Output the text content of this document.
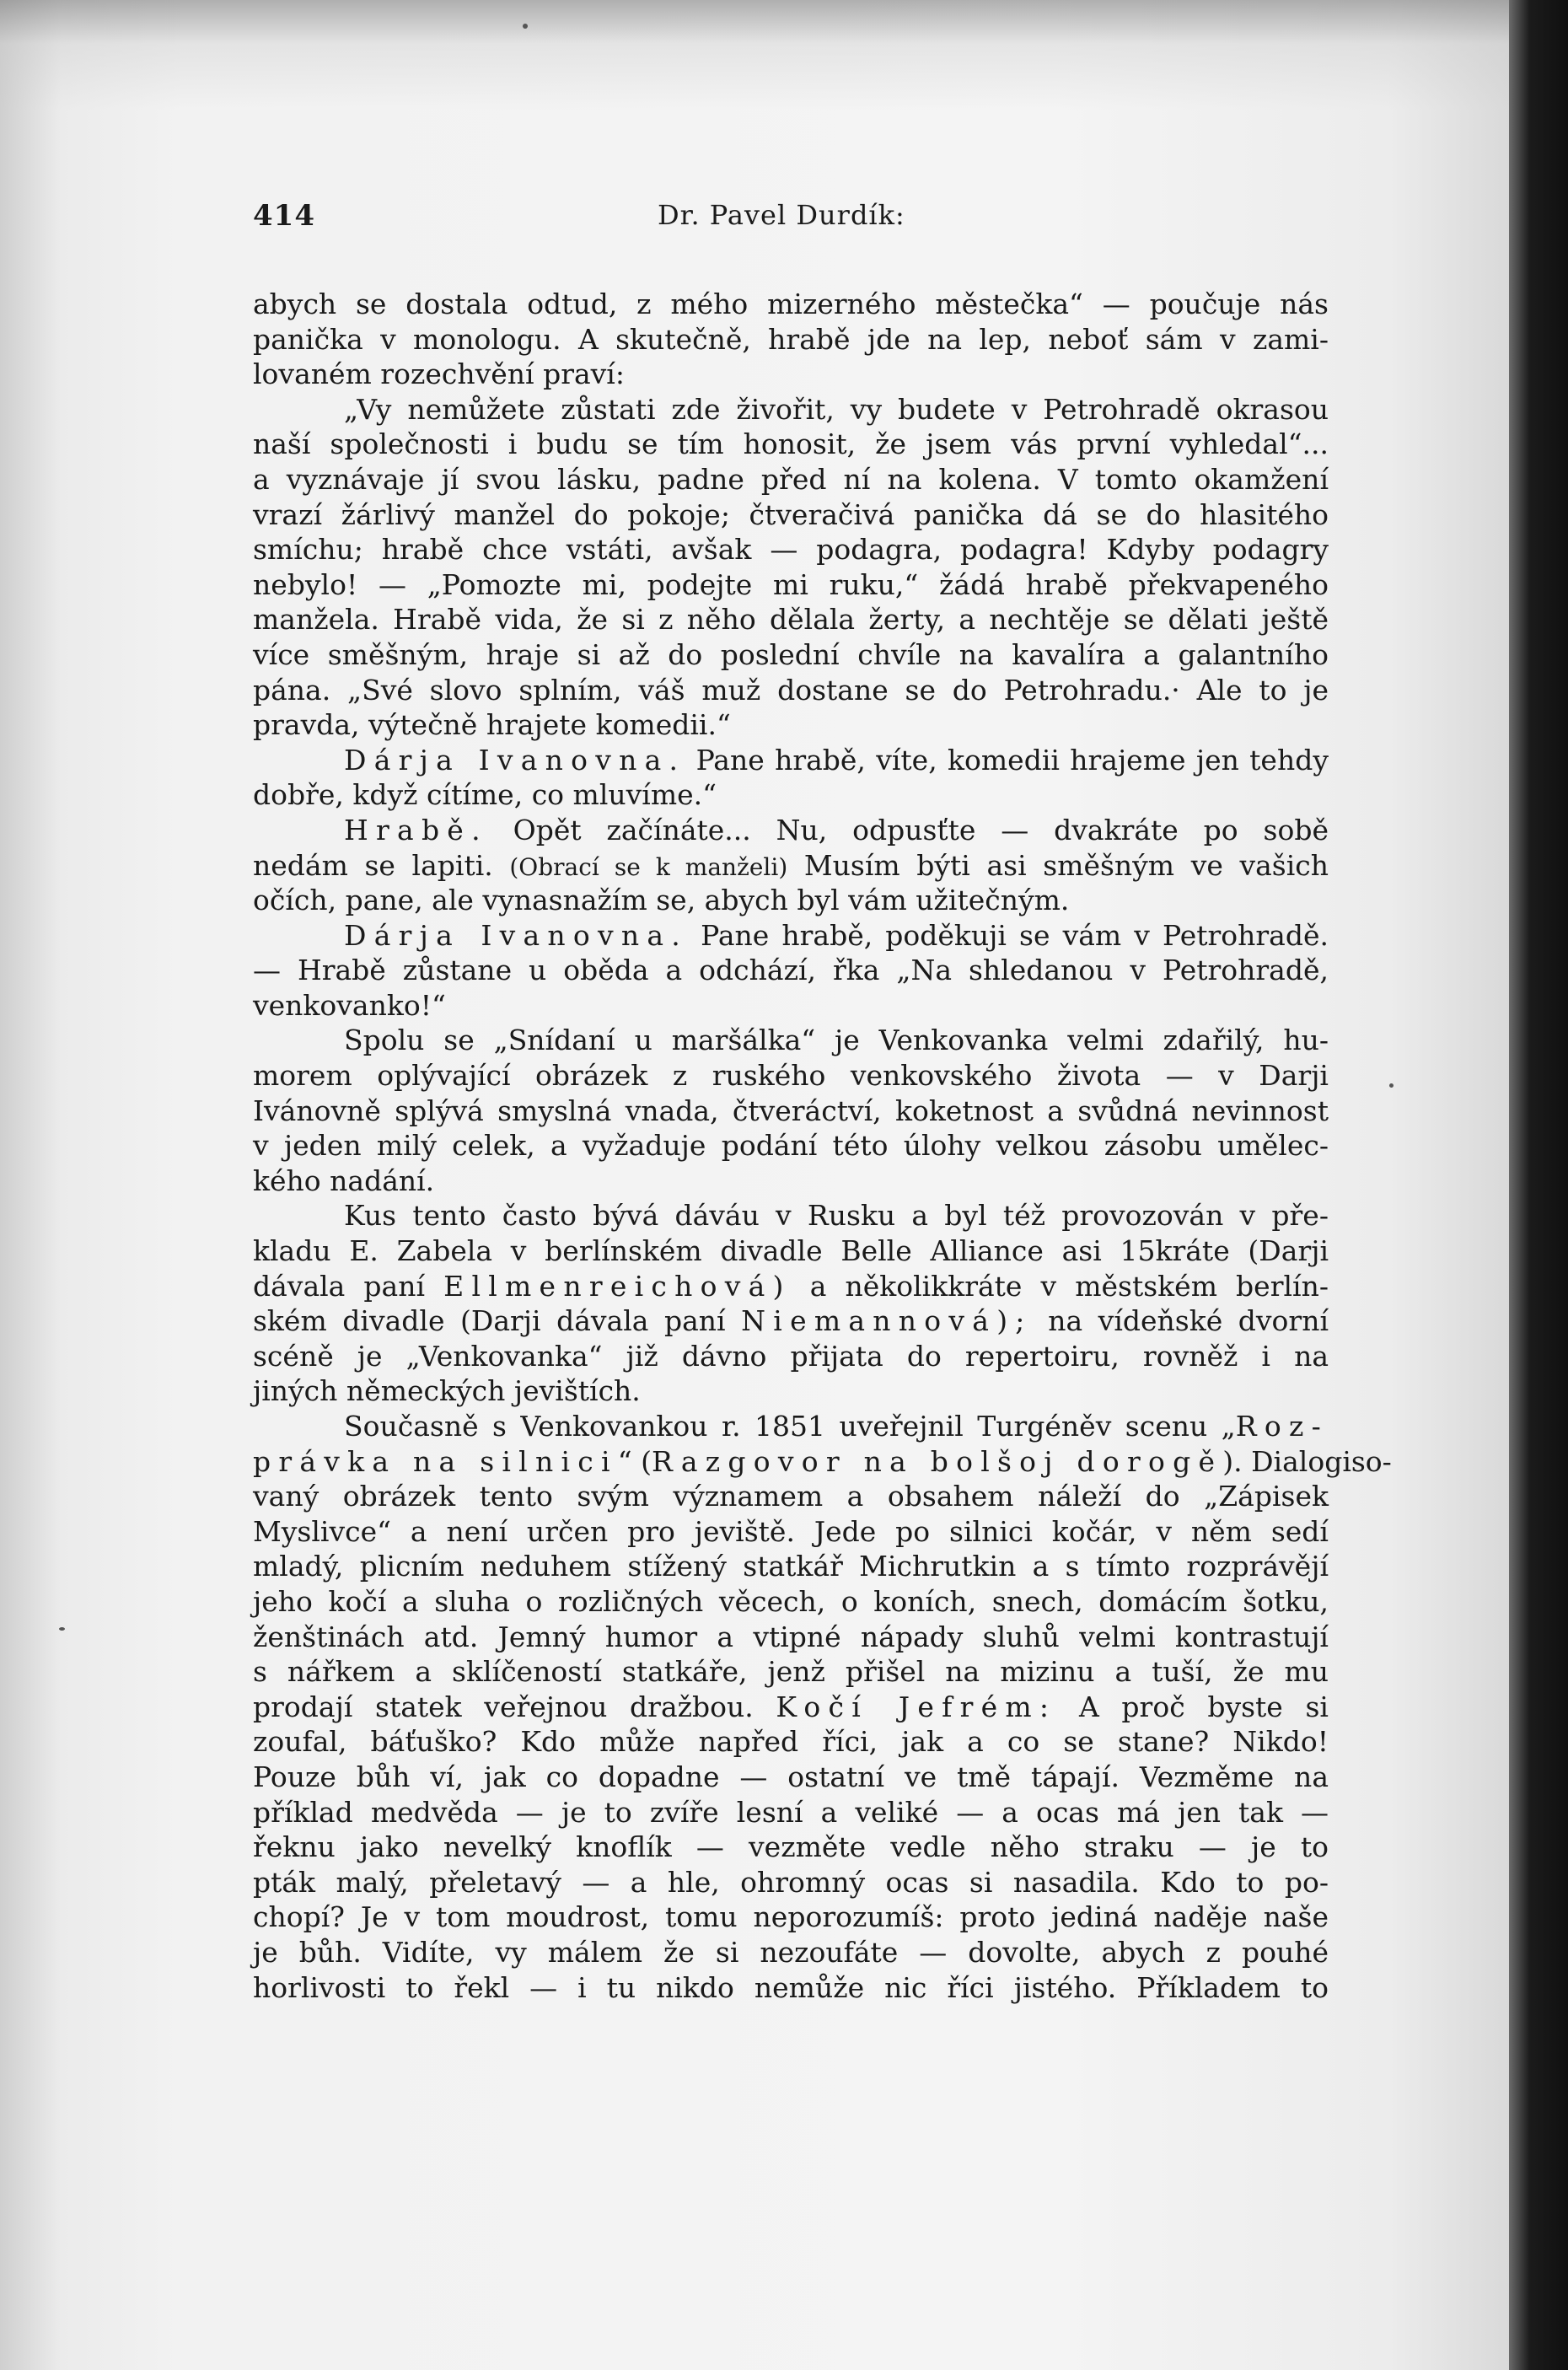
414	Dr. Pavel Durdík:
abych se dostala odtud, z mého mizerného městečka“ — poučuje nás
panička v monologu. A skutečně, hrabě jde na lep, neboť sám v zami-
lovaném rozechvění praví:
„Vy nemůžete zůstati zde živořit, vy budete v Petrohradě okrasou
naší společnosti i budu se tím honosit, že jsem vás první vyhledal“...
a vyznávaje jí svou lásku, padne před ní na kolena. V tomto okamžení
vrazí žárlivý manžel do pokoje; čtveračivá panička dá se do hlasitého
smíchu; hrabě chce vstáti, avšak — podagra, podagra! Kdyby podagry
nebylo! — „Pomozte mi, podejte mi ruku,“ žádá hrabě překvapeného
manžela. Hrabě vida, že si z něho dělala žerty, a nechtěje se dělati ještě
více směšným, hraje si až do poslední chvíle na kavalíra a galantního
pána. „Své slovo splním, váš muž dostane se do Petrohradu.· Ale to je
pravda, výtečně hrajete komedii.“
Dárja Ivanovna. Pane hrabě, víte, komedii hrajeme jen tehdy
dobře, když cítíme, co mluvíme.“
Hrabě. Opět začínáte... Nu, odpusťte — dvakráte po sobě
nedám se lapiti. (Obrací se k manželi) Musím býti asi směšným ve vašich
očích, pane, ale vynasnažím se, abych byl vám užitečným.
Dárja Ivanovna. Pane hrabě, poděkuji se vám v Petrohradě.
— Hrabě zůstane u oběda a odchází, řka „Na shledanou v Petrohradě,
venkovanko!“
Spolu se „Snídaní u maršálka“ je Venkovanka velmi zdařilý, hu-
morem oplývající obrázek z ruského venkovského života — v Darji
Ivánovně splývá smyslná vnada, čtveráctví, koketnost a svůdná nevinnost
v jeden milý celek, a vyžaduje podání této úlohy velkou zásobu umělec-
kého nadání.
Kus tento často bývá dáváu v Rusku a byl též provozován v pře-
kladu E. Zabela v berlínském divadle Belle Alliance asi 15kráte (Darji
dávala paní Ellmenreichová) a několikkráte v městském berlín-
ském divadle (Darji dávala paní Niemannová); na vídeňské dvorní
scéně je „Venkovanka“ již dávno přijata do repertoiru, rovněž i na
jiných německých jevištích.
Současně s Venkovankou r. 1851 uveřejnil Turgéněv scenu „Roz-
právka na silnici“ (Razgovor na bolšoj dorogě). Dialogiso-
vaný obrázek tento svým významem a obsahem náleží do „Zápisek
Myslivce“ a není určen pro jeviště. Jede po silnici kočár, v něm sedí
mladý, plicním neduhem stížený statkář Michrutkin a s tímto rozprávějí
jeho kočí a sluha o rozličných věcech, o koních, snech, domácím šotku,
ženštinách atd. Jemný humor a vtipné nápady sluhů velmi kontrastují
s nářkem a sklíčeností statkáře, jenž přišel na mizinu a tuší, že mu
prodají statek veřejnou dražbou. Kočí Jefrém: A proč byste si
zoufal, báťuško? Kdo může napřed říci, jak a co se stane? Nikdo!
Pouze bůh ví, jak co dopadne — ostatní ve tmě tápají. Vezměme na
příklad medvěda — je to zvíře lesní a veliké — a ocas má jen tak —
řeknu jako nevelký knoflík — vezměte vedle něho straku — je to
pták malý, přeletavý — a hle, ohromný ocas si nasadila. Kdo to po-
chopí? Je v tom moudrost, tomu neporozumíš: proto jediná naděje naše
je bůh. Vidíte, vy málem že si nezoufáte — dovolte, abych z pouhé
horlivosti to řekl — i tu nikdo nemůže nic říci jistého. Příkladem to
